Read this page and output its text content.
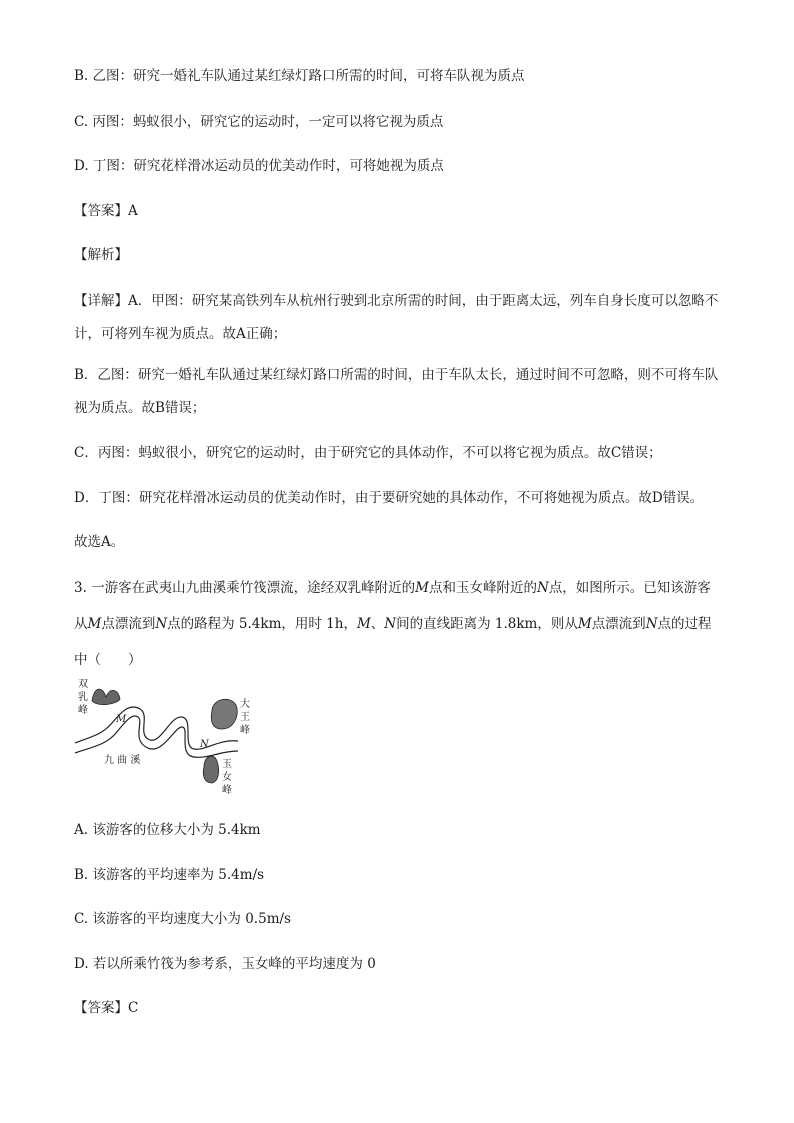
B. 乙图：研究一婚礼车队通过某红绿灯路口所需的时间，可将车队视为质点
C. 丙图：蚂蚁很小，研究它的运动时，一定可以将它视为质点
D. 丁图：研究花样滑冰运动员的优美动作时，可将她视为质点
【答案】A
【解析】
【详解】A．甲图：研究某高铁列车从杭州行驶到北京所需的时间，由于距离太远，列车自身长度可以忽略不计，可将列车视为质点。故A正确；
B．乙图：研究一婚礼车队通过某红绿灯路口所需的时间，由于车队太长，通过时间不可忽略，则不可将车队视为质点。故B错误；
C．丙图：蚂蚁很小，研究它的运动时，由于研究它的具体动作，不可以将它视为质点。故C错误；
D．丁图：研究花样滑冰运动员的优美动作时，由于要研究她的具体动作，不可将她视为质点。故D错误。
故选A。
3. 一游客在武夷山九曲溪乘竹筏漂流，途经双乳峰附近的M点和玉女峰附近的N点，如图所示。已知该游客从M点漂流到N点的路程为 5.4km，用时 1h，M、N间的直线距离为 1.8km，则从M点漂流到N点的过程中（　　）
双
乳
峰
大
王
峰
玉
女
峰
九 曲 溪
M
N
A. 该游客的位移大小为 5.4km
B. 该游客的平均速率为 5.4m/s
C. 该游客的平均速度大小为 0.5m/s
D. 若以所乘竹筏为参考系，玉女峰的平均速度为 0
【答案】C
